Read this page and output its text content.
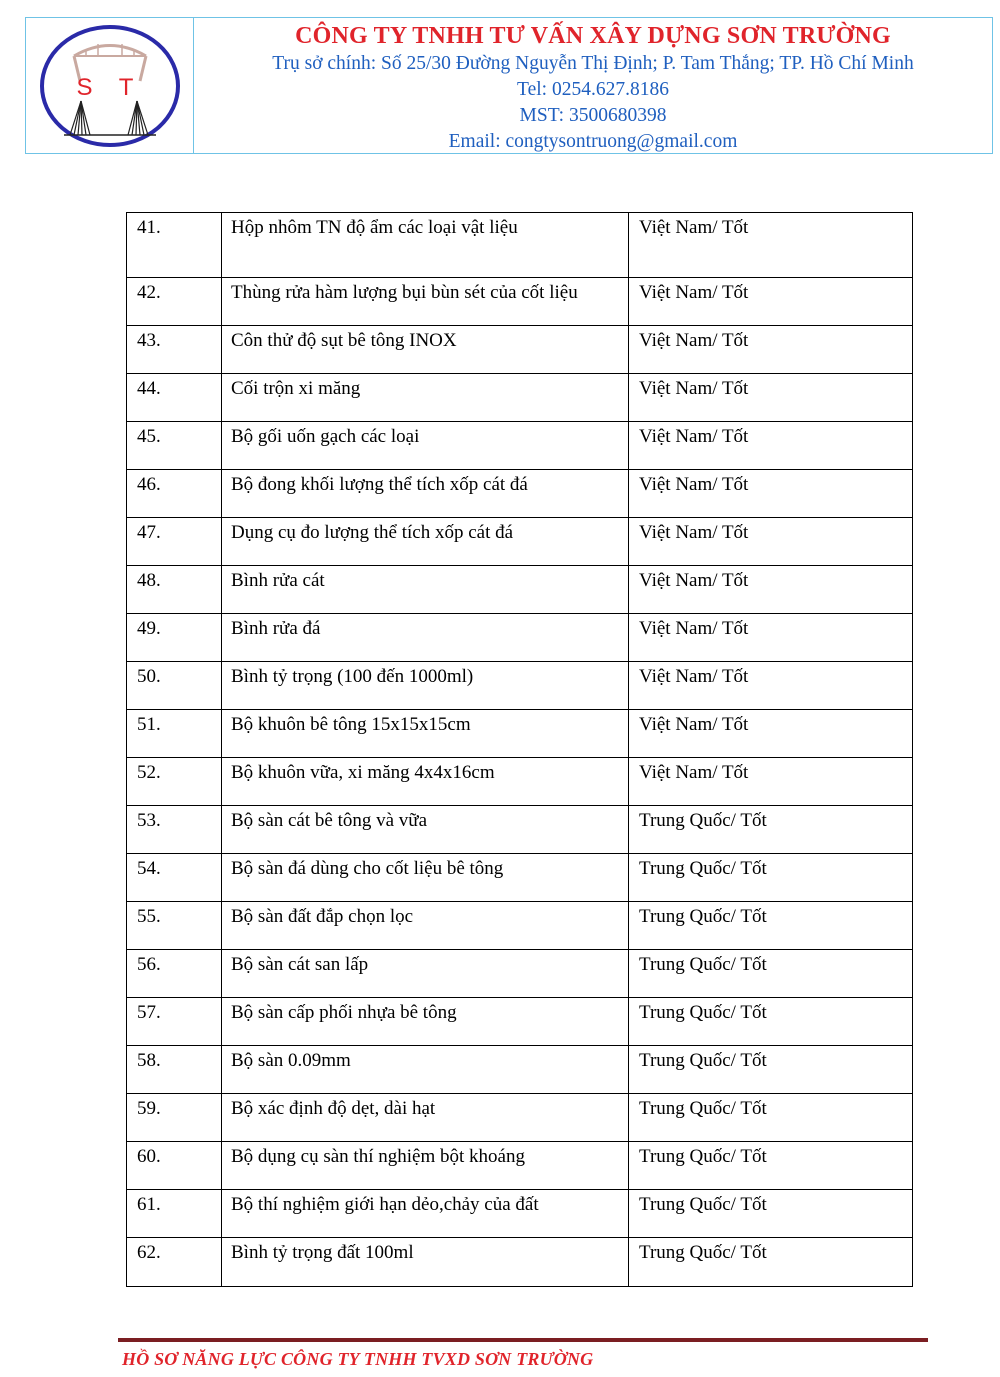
S T
CÔNG TY TNHH TƯ VẤN XÂY DỰNG SƠN TRƯỜNG
Trụ sở chính: Số 25/30 Đường Nguyễn Thị Định; P. Tam Thắng; TP. Hồ Chí Minh
Tel: 0254.627.8186
MST: 3500680398
Email: congtysontruong@gmail.com
41.	Hộp nhôm TN độ ẩm các loại vật liệu	Việt Nam/ Tốt
42.	Thùng rửa hàm lượng bụi bùn sét của cốt liệu	Việt Nam/ Tốt
43.	Côn thử độ sụt bê tông INOX	Việt Nam/ Tốt
44.	Cối trộn xi măng	Việt Nam/ Tốt
45.	Bộ gối uốn gạch các loại	Việt Nam/ Tốt
46.	Bộ đong khối lượng thể tích xốp cát đá	Việt Nam/ Tốt
47.	Dụng cụ đo lượng thể tích xốp cát đá	Việt Nam/ Tốt
48.	Bình rửa cát	Việt Nam/ Tốt
49.	Bình rửa đá	Việt Nam/ Tốt
50.	Bình tỷ trọng (100 đến 1000ml)	Việt Nam/ Tốt
51.	Bộ khuôn bê tông 15x15x15cm	Việt Nam/ Tốt
52.	Bộ khuôn vữa, xi măng 4x4x16cm	Việt Nam/ Tốt
53.	Bộ sàn cát bê tông và vữa	Trung Quốc/ Tốt
54.	Bộ sàn đá dùng cho cốt liệu bê tông	Trung Quốc/ Tốt
55.	Bộ sàn đất đắp chọn lọc	Trung Quốc/ Tốt
56.	Bộ sàn cát san lấp	Trung Quốc/ Tốt
57.	Bộ sàn cấp phối nhựa bê tông	Trung Quốc/ Tốt
58.	Bộ sàn 0.09mm	Trung Quốc/ Tốt
59.	Bộ xác định độ dẹt, dài hạt	Trung Quốc/ Tốt
60.	Bộ dụng cụ sàn thí nghiệm bột khoáng	Trung Quốc/ Tốt
61.	Bộ thí nghiệm giới hạn dẻo,chảy của đất	Trung Quốc/ Tốt
62.	Bình tỷ trọng đất 100ml	Trung Quốc/ Tốt
HỒ SƠ NĂNG LỰC CÔNG TY TNHH TVXD SƠN TRƯỜNG
